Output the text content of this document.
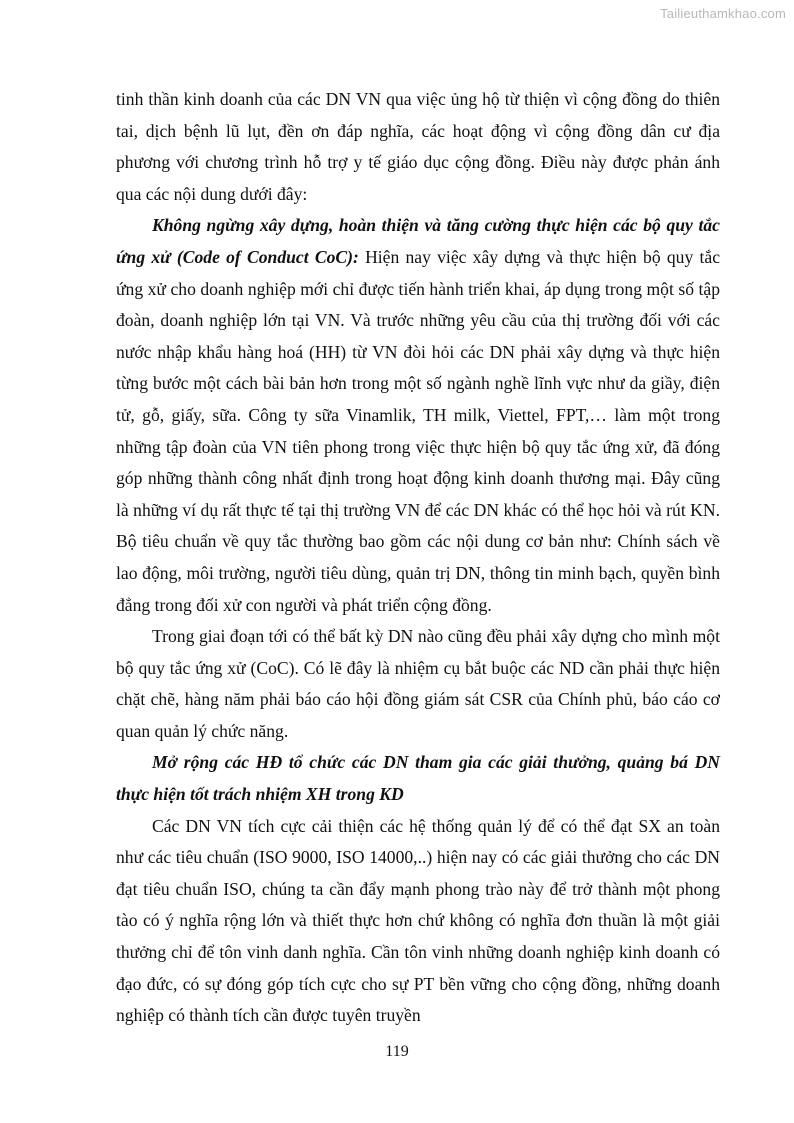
Tailieuthamkhao.com

tinh thần kinh doanh của các DN VN qua việc ủng hộ từ thiện vì cộng đồng do thiên tai, dịch bệnh lũ lụt, đền ơn đáp nghĩa, các hoạt động vì cộng đồng dân cư địa phương với chương trình hỗ trợ y tế giáo dục cộng đồng. Điều này được phản ánh qua các nội dung dưới đây:

Không ngừng xây dựng, hoàn thiện và tăng cường thực hiện các bộ quy tắc ứng xử (Code of Conduct CoC): Hiện nay việc xây dựng và thực hiện bộ quy tắc ứng xử cho doanh nghiệp mới chỉ được tiến hành triển khai, áp dụng trong một số tập đoàn, doanh nghiệp lớn tại VN. Và trước những yêu cầu của thị trường đối với các nước nhập khẩu hàng hoá (HH) từ VN đòi hỏi các DN phải xây dựng và thực hiện từng bước một cách bài bản hơn trong một số ngành nghề lĩnh vực như da giầy, điện tử, gỗ, giấy, sữa. Công ty sữa Vinamlik, TH milk, Viettel, FPT,… làm một trong những tập đoàn của VN tiên phong trong việc thực hiện bộ quy tắc ứng xử, đã đóng góp những thành công nhất định trong hoạt động kinh doanh thương mại. Đây cũng là những ví dụ rất thực tế tại thị trường VN để các DN khác có thể học hỏi và rút KN. Bộ tiêu chuẩn về quy tắc thường bao gồm các nội dung cơ bản như: Chính sách về lao động, môi trường, người tiêu dùng, quản trị DN, thông tin minh bạch, quyền bình đẳng trong đối xử con người và phát triển cộng đồng.

Trong giai đoạn tới có thể bất kỳ DN nào cũng đều phải xây dựng cho mình một bộ quy tắc ứng xử (CoC). Có lẽ đây là nhiệm cụ bắt buộc các ND cần phải thực hiện chặt chẽ, hàng năm phải báo cáo hội đồng giám sát CSR của Chính phủ, báo cáo cơ quan quản lý chức năng.

Mở rộng các HĐ tổ chức các DN tham gia các giải thưởng, quảng bá DN thực hiện tốt trách nhiệm XH trong KD

Các DN VN tích cực cải thiện các hệ thống quản lý để có thể đạt SX an toàn như các tiêu chuẩn (ISO 9000, ISO 14000,..) hiện nay có các giải thưởng cho các DN đạt tiêu chuẩn ISO, chúng ta cần đẩy mạnh phong trào này để trở thành một phong tào có ý nghĩa rộng lớn và thiết thực hơn chứ không có nghĩa đơn thuần là một giải thưởng chỉ để tôn vinh danh nghĩa. Cần tôn vinh những doanh nghiệp kinh doanh có đạo đức, có sự đóng góp tích cực cho sự PT bền vững cho cộng đồng, những doanh nghiệp có thành tích cần được tuyên truyền

119
